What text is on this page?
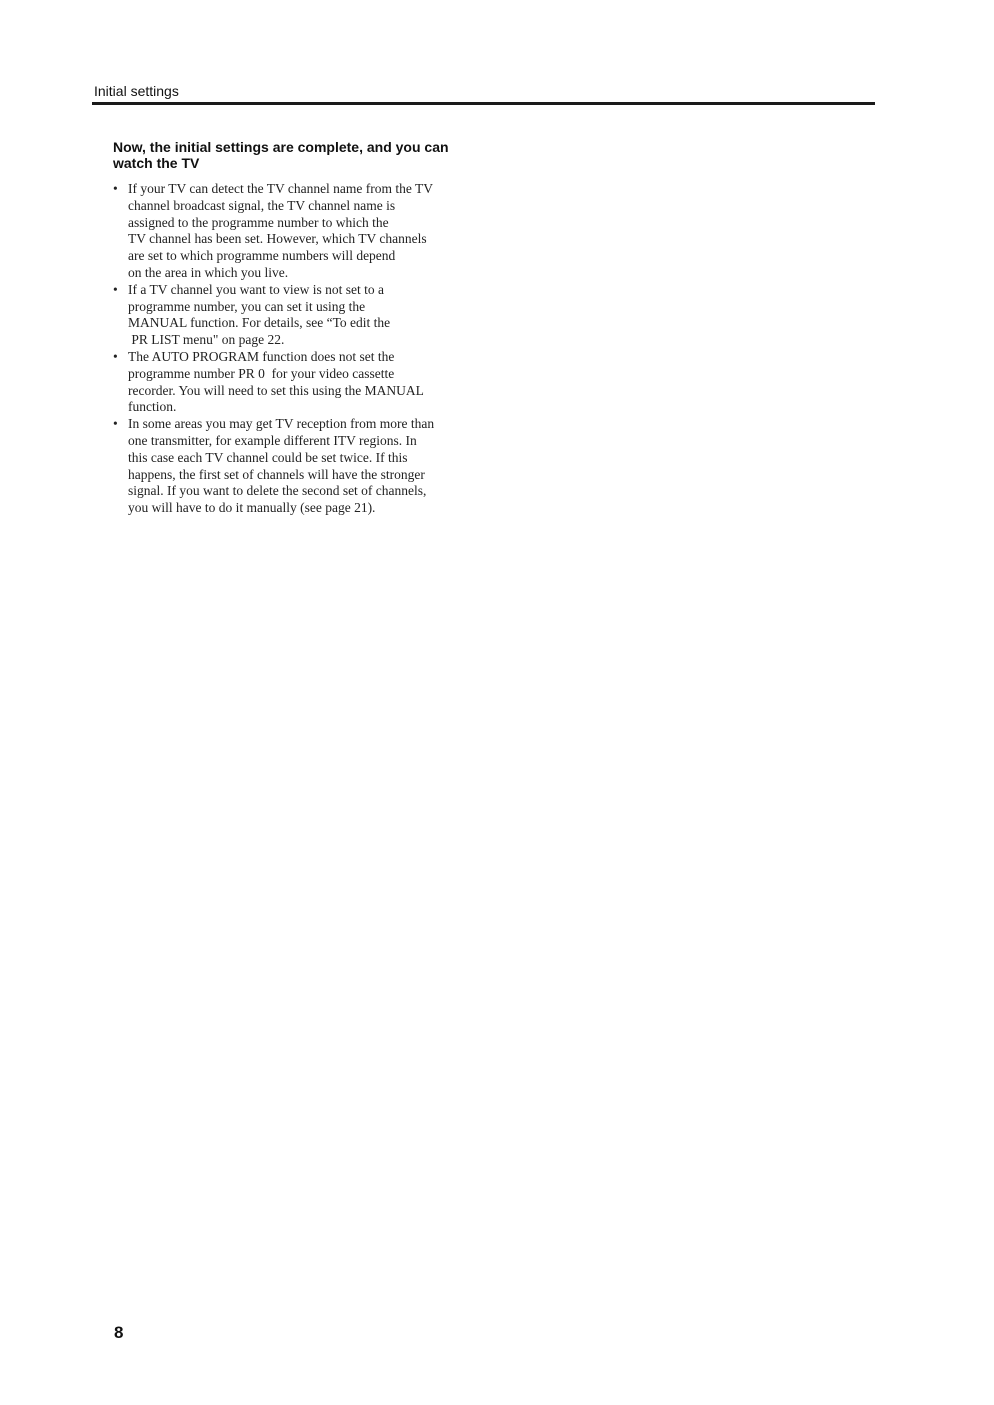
Initial settings
Now, the initial settings are complete, and you can
watch the TV
• If your TV can detect the TV channel name from the TV
channel broadcast signal, the TV channel name is
assigned to the programme number to which the
TV channel has been set. However, which TV channels
are set to which programme numbers will depend
on the area in which you live.
• If a TV channel you want to view is not set to a
programme number, you can set it using the
MANUAL function. For details, see “To edit the
PR LIST menu" on page 22.
• The AUTO PROGRAM function does not set the
programme number PR 0  for your video cassette
recorder. You will need to set this using the MANUAL
function.
• In some areas you may get TV reception from more than
one transmitter, for example different ITV regions. In
this case each TV channel could be set twice. If this
happens, the first set of channels will have the stronger
signal. If you want to delete the second set of channels,
you will have to do it manually (see page 21).
8
